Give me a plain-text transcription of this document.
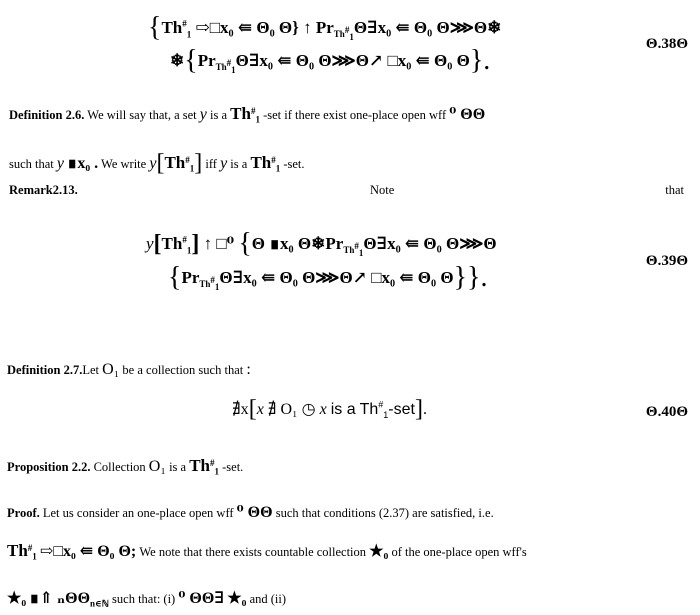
{$Th^{\#}_1$ ⇨□x₀ ⇚ Θ₀ Θ} ↑ $Pr_{Th^{\#}_1}\Theta\exists x_0$ ⇚ Θ₀ Θ⋙Θ❄
$❄\{Pr_{Th^{\#}_1}\Theta\exists x_0$ ⇚ Θ₀ Θ⋙Θ↗ □x₀ ⇚ Θ₀ Θ}.
Θ.38Θ
Definition 2.6. We will say that, a set y is a $Th^{\#}_1$ -set if there exist one-place open wff ⁰ ΘΘ
such that y ∎x₀ . We write $y[Th^{\#}_1]$ iff y is a $Th^{\#}_1$ -set.
Remark2.13.	Note	that
$y[Th^{\#}_1]$ ↑ □⁰ {Θ ∎x₀ $\Theta❄Pr_{Th^{\#}_1}\Theta\exists x_0$ ⇚ Θ₀ Θ⋙Θ
{$Pr_{Th^{\#}_1}\Theta\exists x_0$ ⇚ Θ₀ Θ⋙Θ↗ □x₀ ⇚ Θ₀ Θ}}.
Θ.39Θ
Definition 2.7.Let Ο₁ be a collection such that :
∄x[x ∄ Ο₁ ◷ x is a $Th^{\#}_1-set$].	Θ.40Θ
Proposition 2.2. Collection Ο₁ is a $Th^{\#}_1$ -set.
Proof. Let us consider an one-place open wff ⁰ ΘΘ such that conditions (2.37) are satisfied, i.e.
$Th^{\#}_1$ ⇨□x₀ ⇚ Θ₀ Θ; We note that there exists countable collection ★₀ of the one-place open wff's
★₀ ∎⇑ ₙΘΘ$_{n\in ℕ}$ such that: (i) ⁰ ΘΘ∃ ★₀ and (ii)
